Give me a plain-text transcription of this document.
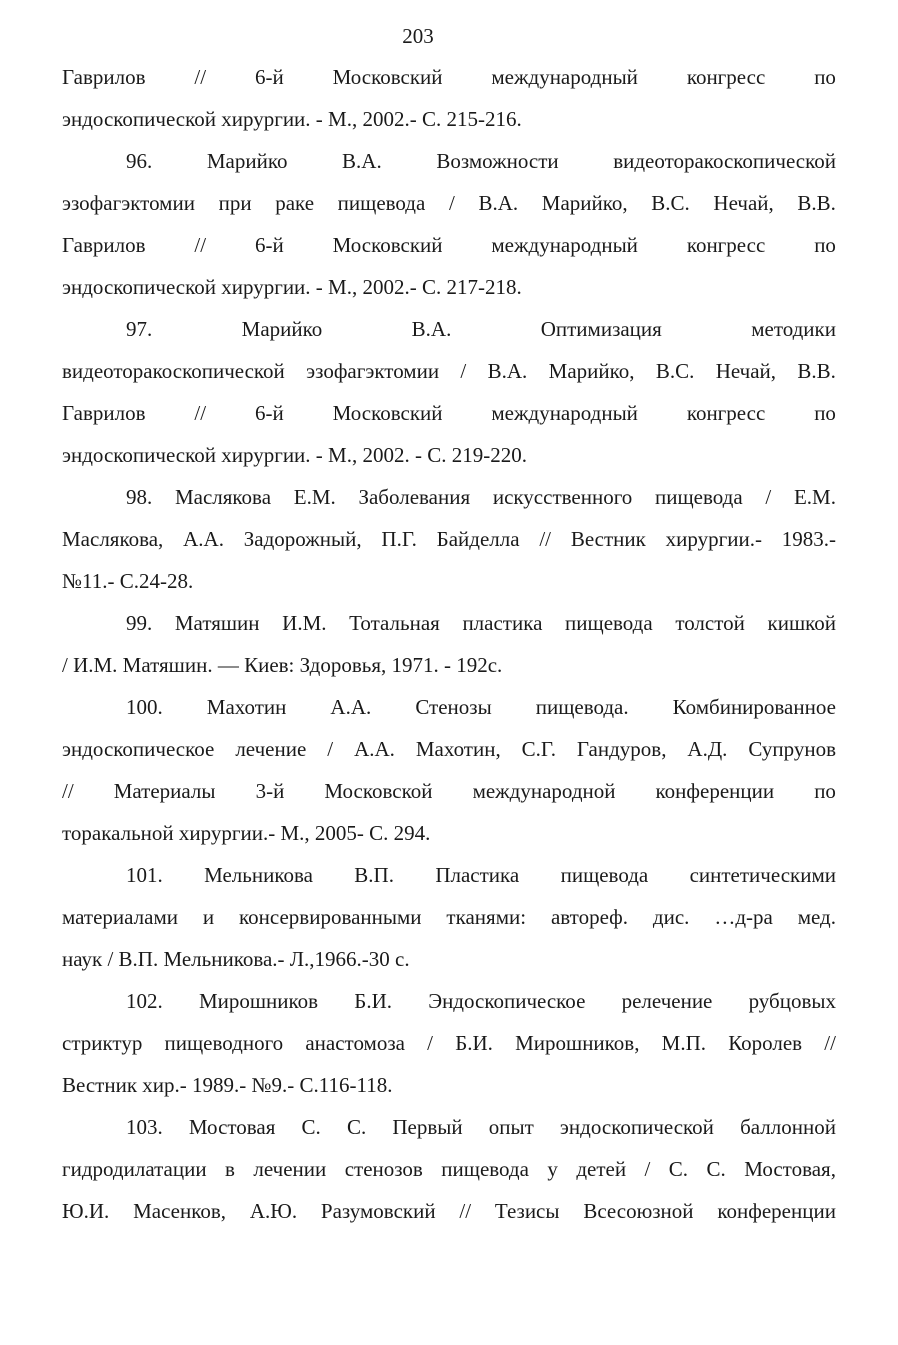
203
Гаврилов // 6-й Московский международный конгресс по
эндоскопической хирургии. - М., 2002.- С. 215-216.
96.	Марийко	В.А.	Возможности	видеоторакоскопической
эзофагэктомии при раке пищевода / В.А. Марийко, В.С. Нечай, В.В.
Гаврилов // 6-й Московский международный конгресс по
эндоскопической хирургии. - М., 2002.- С. 217-218.
97.	Марийко	В.А.	Оптимизация	методики
видеоторакоскопической эзофагэктомии / В.А. Марийко, В.С. Нечай, В.В.
Гаврилов // 6-й Московский международный конгресс по
эндоскопической хирургии. - М., 2002. - С. 219-220.
98. Маслякова Е.М. Заболевания искусственного пищевода / Е.М.
Маслякова, А.А. Задорожный, П.Г. Байделла // Вестник хирургии.- 1983.-
№11.- С.24-28.
99. Матяшин И.М. Тотальная пластика пищевода толстой кишкой
/ И.М. Матяшин. — Киев: Здоровья, 1971. - 192с.
100. Махотин А.А. Стенозы пищевода. Комбинированное
эндоскопическое лечение / А.А. Махотин, С.Г. Гандуров, А.Д. Супрунов
// Материалы 3-й Московской международной конференции по
торакальной хирургии.- М., 2005- С. 294.
101. Мельникова В.П. Пластика пищевода синтетическими
материалами и консервированными тканями: автореф. дис. …д-ра мед.
наук / В.П. Мельникова.- Л.,1966.-30 с.
102. Мирошников Б.И. Эндоскопическое релечение рубцовых
стриктур пищеводного анастомоза / Б.И. Мирошников, М.П. Королев //
Вестник хир.- 1989.- №9.- С.116-118.
103. Мостовая С. С. Первый опыт эндоскопической баллонной
гидродилатации в лечении стенозов пищевода у детей / С. С. Мостовая,
Ю.И. Масенков, А.Ю. Разумовский // Тезисы Всесоюзной конференции
